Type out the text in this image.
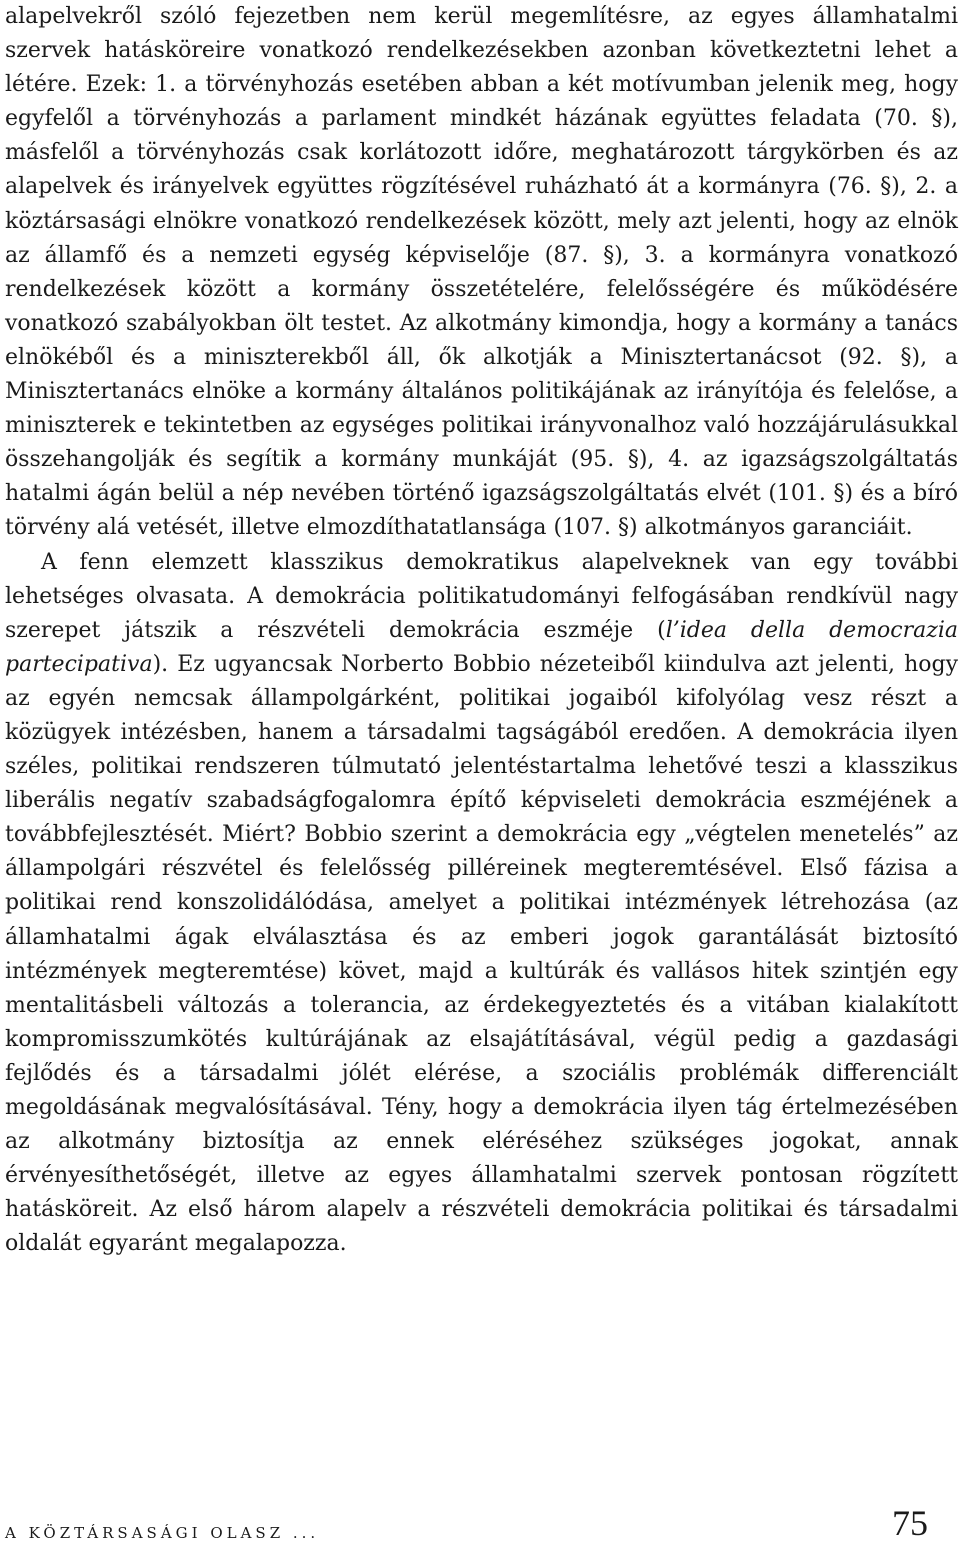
alapelvekről szóló fejezetben nem kerül megemlítésre, az egyes államhatalmi szervek hatásköreire vonatkozó rendelkezésekben azonban következtetni lehet a létére. Ezek: 1. a törvényhozás esetében abban a két motívumban jelenik meg, hogy egyfelől a törvényhozás a parlament mindkét házának együttes feladata (70. §), másfelől a törvényhozás csak korlátozott időre, meghatározott tárgykörben és az alapelvek és irányelvek együttes rögzítésével ruházható át a kormányra (76. §), 2. a köztársasági elnökre vonatkozó rendelkezések között, mely azt jelenti, hogy az elnök az államfő és a nemzeti egység képviselője (87. §), 3. a kormányra vonatkozó rendelkezések között a kormány összetételére, felelősségére és működésére vonatkozó szabályokban ölt testet. Az alkotmány kimondja, hogy a kormány a tanács elnökéből és a miniszterekből áll, ők alkotják a Minisztertanácsot (92. §), a Minisztertanács elnöke a kormány általános politikájának az irányítója és felelőse, a miniszterek e tekintetben az egységes politikai irányvonalhoz való hozzájárulásukkal összehangolják és segítik a kormány munkáját (95. §), 4. az igazságszolgáltatás hatalmi ágán belül a nép nevében történő igazságszolgáltatás elvét (101. §) és a bíró törvény alá vetését, illetve elmozdíthatatlansága (107. §) alkotmányos garanciáit.

A fenn elemzett klasszikus demokratikus alapelveknek van egy további lehetséges olvasata. A demokrácia politikatudományi felfogásában rendkívül nagy szerepet játszik a részvételi demokrácia eszméje (l’idea della democrazia partecipativa). Ez ugyancsak Norberto Bobbio nézeteiből kiindulva azt jelenti, hogy az egyén nemcsak állampolgárként, politikai jogaiból kifolyólag vesz részt a közügyek intézésben, hanem a társadalmi tagságából eredően. A demokrácia ilyen széles, politikai rendszeren túlmutató jelentéstartalma lehetővé teszi a klasszikus liberális negatív szabadságfogalomra építő képviseleti demokrácia eszméjének a továbbfejlesztését. Miért? Bobbio szerint a demokrácia egy „végtelen menetelés” az állampolgári részvétel és felelősség pilléreinek megteremtésével. Első fázisa a politikai rend konszolidálódása, amelyet a politikai intézmények létrehozása (az államhatalmi ágak elválasztása és az emberi jogok garantálását biztosító intézmények megteremtése) követ, majd a kultúrák és vallásos hitek szintjén egy mentalitásbeli változás a tolerancia, az érdekegyeztetés és a vitában kialakított kompromisszumkötés kultúrájának az elsajátításával, végül pedig a gazdasági fejlődés és a társadalmi jólét elérése, a szociális problémák differenciált megoldásának megvalósításával. Tény, hogy a demokrácia ilyen tág értelmezésében az alkotmány biztosítja az ennek eléréséhez szükséges jogokat, annak érvényesíthetőségét, illetve az egyes államhatalmi szervek pontosan rögzített hatásköreit. Az első három alapelv a részvételi demokrácia politikai és társadalmi oldalát egyaránt megalapozza.

A KÖZTÁRSASÁGI OLASZ ...	75
